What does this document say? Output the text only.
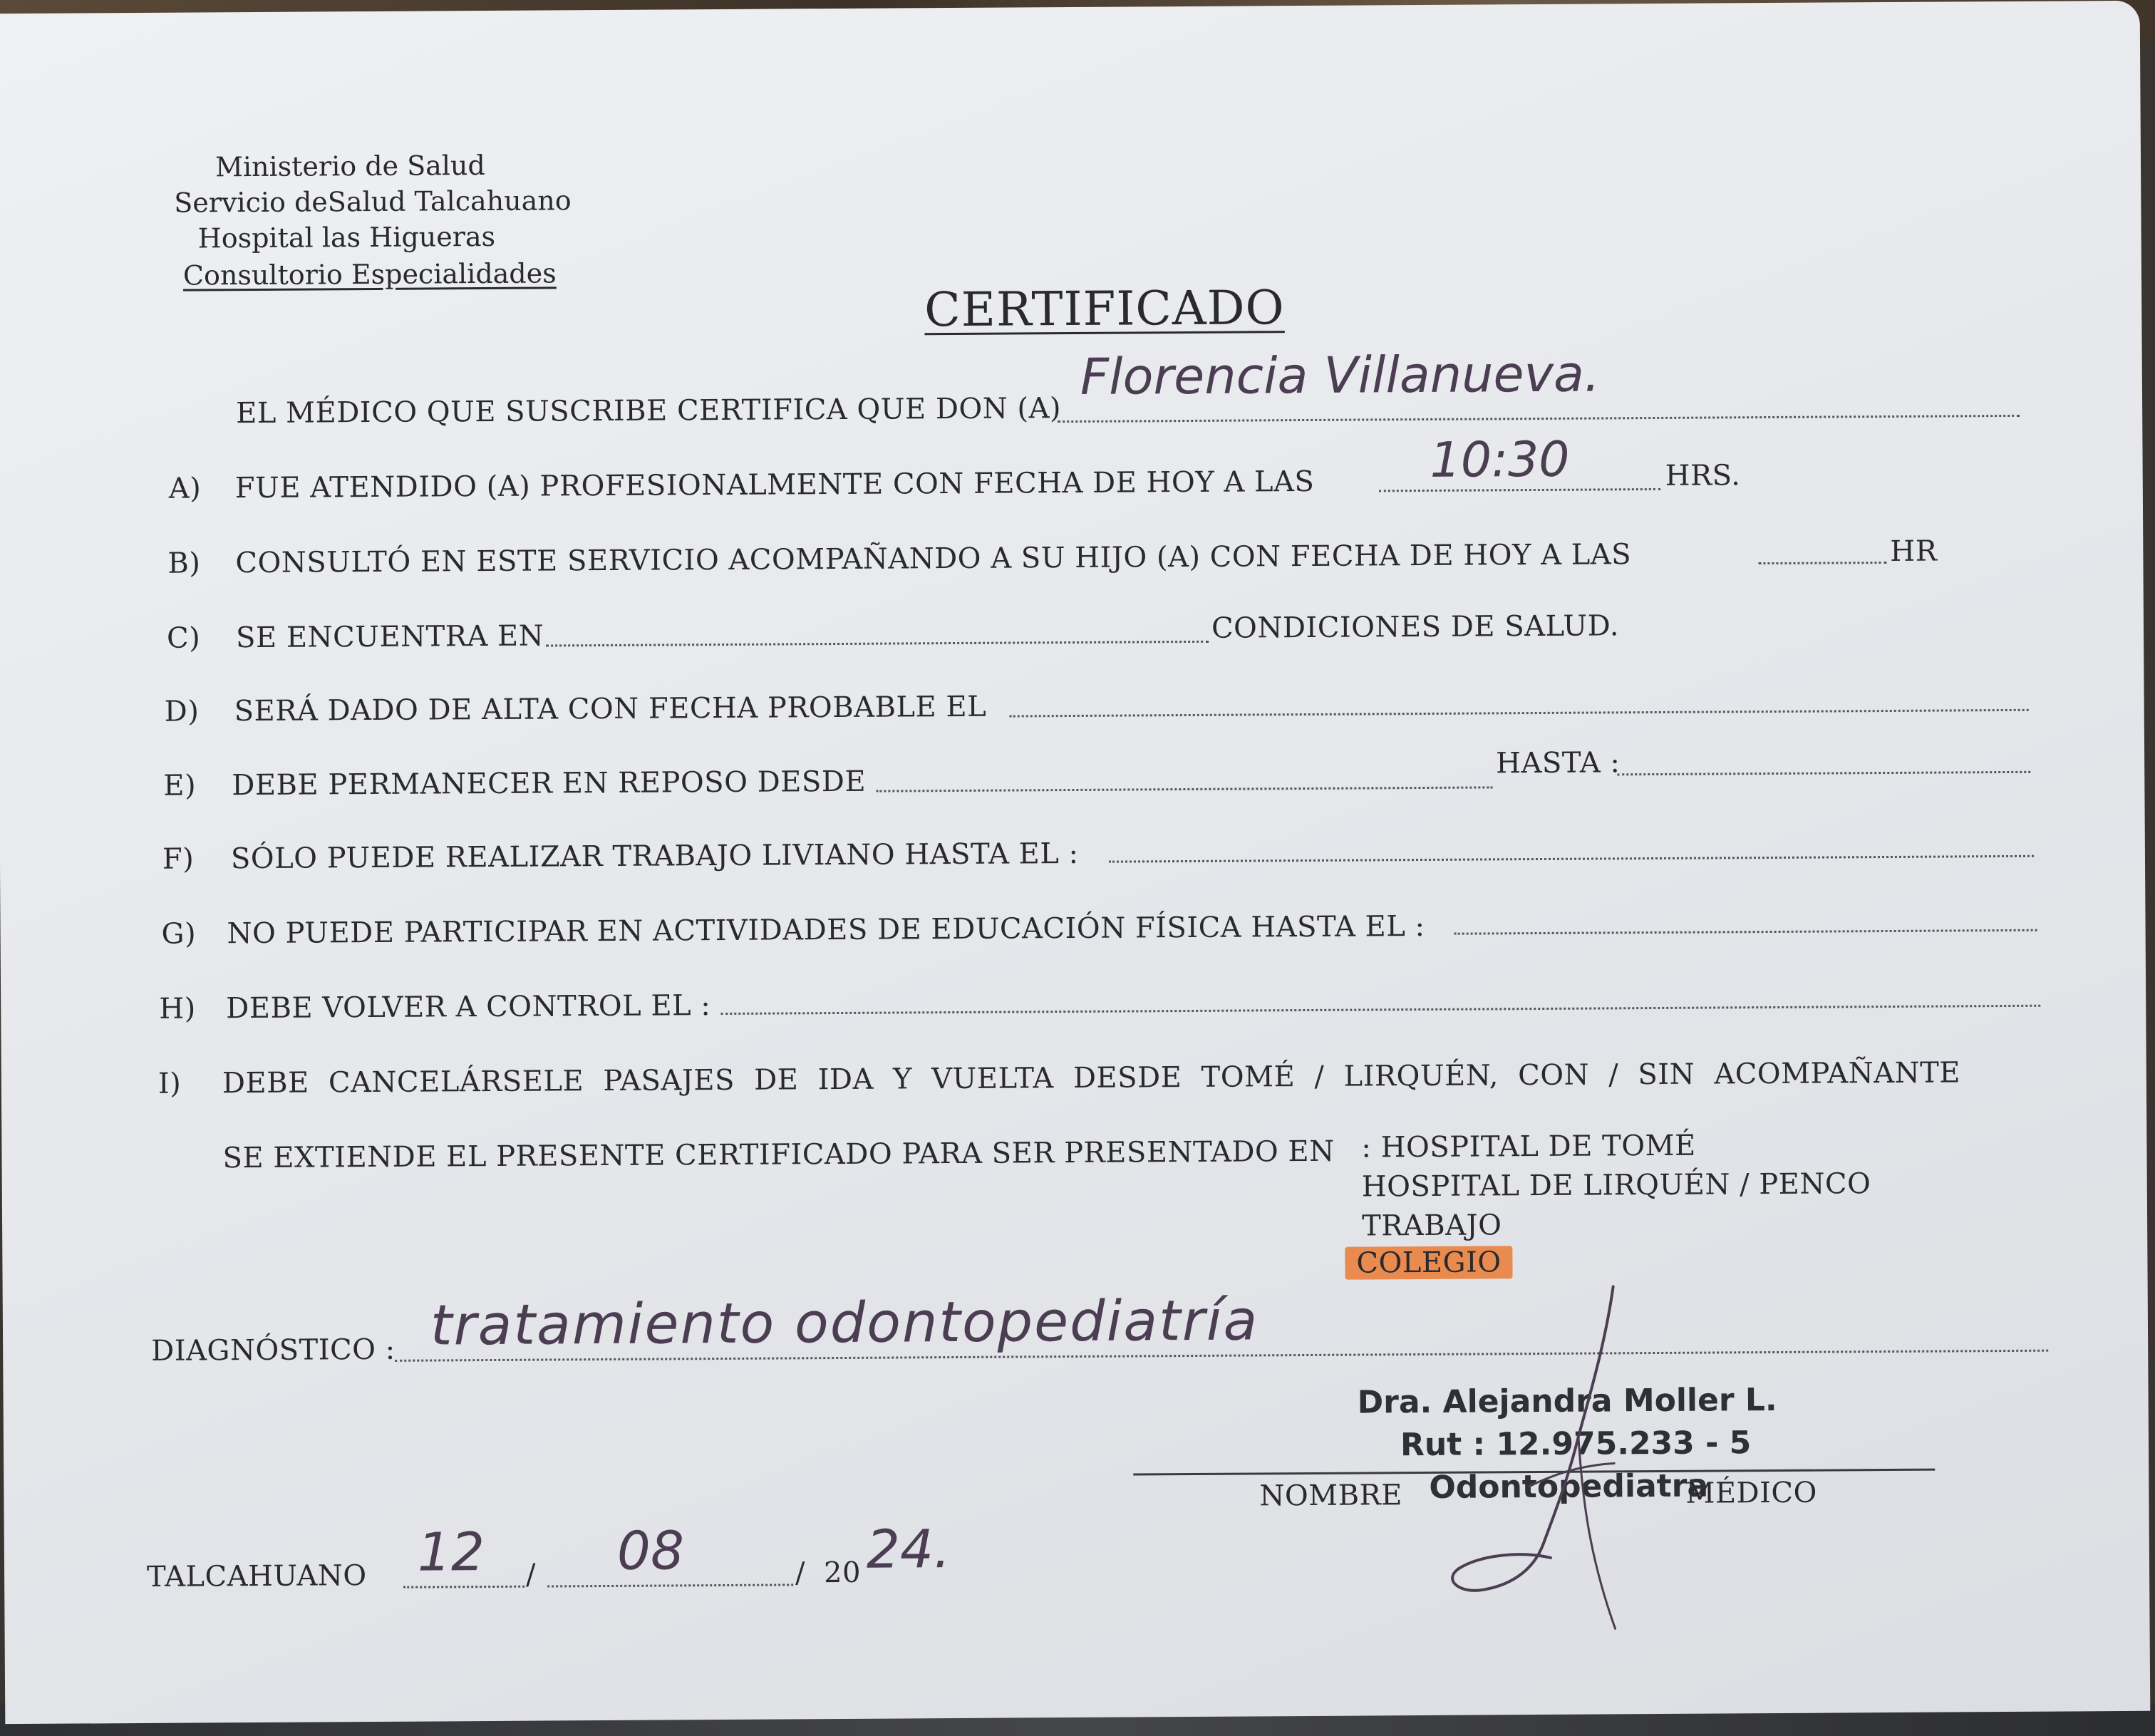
Ministerio de Salud
Servicio deSalud Talcahuano
Hospital las Higueras
Consultorio Especialidades
CERTIFICADO
EL MÉDICO QUE SUSCRIBE CERTIFICA QUE DON (A)
Florencia Villanueva.
A) FUE ATENDIDO (A) PROFESIONALMENTE CON FECHA DE HOY A LAS 10:30	HRS.
B) CONSULTÓ EN ESTE SERVICIO ACOMPAÑANDO A SU HIJO (A) CON FECHA DE HOY A LAS	HR
C) SE ENCUENTRA EN	CONDICIONES DE SALUD.
D) SERÁ DADO DE ALTA CON FECHA PROBABLE EL
E) DEBE PERMANECER EN REPOSO DESDE
HASTA :
F) SÓLO PUEDE REALIZAR TRABAJO LIVIANO HASTA EL :
G) NO PUEDE PARTICIPAR EN ACTIVIDADES DE EDUCACIÓN FÍSICA HASTA EL :
H) DEBE VOLVER A CONTROL EL :
I) DEBE CANCELÁRSELE PASAJES DE IDA Y VUELTA DESDE TOMÉ / LIRQUÉN, CON / SIN ACOMPAÑANTE
SE EXTIENDE EL PRESENTE CERTIFICADO PARA SER PRESENTADO EN : HOSPITAL DE TOMÉ
HOSPITAL DE LIRQUÉN / PENCO
TRABAJO
COLEGIO
DIAGNÓSTICO : tratamiento odontopediatría
Dra. Alejandra Moller L.
Rut : 12.975.233 - 5
NOMBRE Odontopediatra
MÉDICO
TALCAHUANO 12 / 08	/ 20 24.
